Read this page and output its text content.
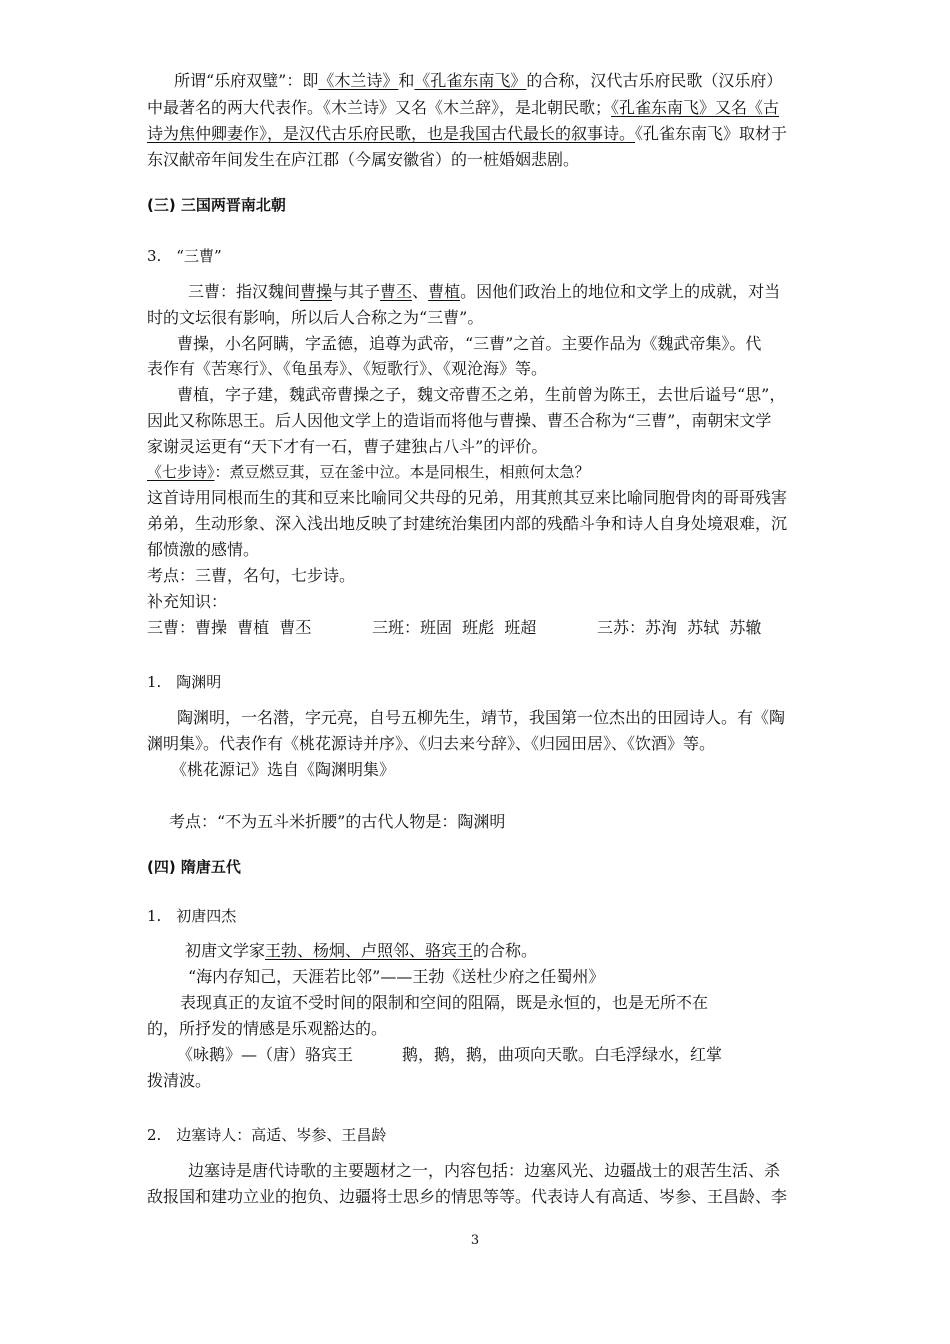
所谓“乐府双璧”：即《木兰诗》和《孔雀东南飞》的合称，汉代古乐府民歌（汉乐府）
中最著名的两大代表作。《木兰诗》又名《木兰辞》，是北朝民歌；《孔雀东南飞》又名《古
诗为焦仲卿妻作》，是汉代古乐府民歌，也是我国古代最长的叙事诗。《孔雀东南飞》取材于
东汉献帝年间发生在庐江郡（今属安徽省）的一桩婚姻悲剧。
(三) 三国两晋南北朝
3.　“三曹”
三曹：指汉魏间曹操与其子曹丕、曹植。因他们政治上的地位和文学上的成就，对当
时的文坛很有影响，所以后人合称之为“三曹”。
曹操，小名阿瞒，字孟德，追尊为武帝，“三曹”之首。主要作品为《魏武帝集》。代
表作有《苦寒行》、《龟虽寿》、《短歌行》、《观沧海》等。
曹植，字子建，魏武帝曹操之子，魏文帝曹丕之弟，生前曾为陈王，去世后谥号“思”，
因此又称陈思王。后人因他文学上的造诣而将他与曹操、曹丕合称为“三曹”，南朝宋文学
家谢灵运更有“天下才有一石，曹子建独占八斗”的评价。
《七步诗》：煮豆燃豆萁，豆在釜中泣。本是同根生，相煎何太急？
这首诗用同根而生的萁和豆来比喻同父共母的兄弟，用萁煎其豆来比喻同胞骨肉的哥哥残害
弟弟，生动形象、深入浅出地反映了封建统治集团内部的残酷斗争和诗人自身处境艰难，沉
郁愤激的感情。
考点：三曹，名句，七步诗。
补充知识：
三曹：曹操  曹植  曹丕	三班：班固  班彪  班超	三苏：苏洵  苏轼  苏辙
1.　陶渊明
陶渊明，一名潜，字元亮，自号五柳先生，靖节，我国第一位杰出的田园诗人。有《陶
渊明集》。代表作有《桃花源诗并序》、《归去来兮辞》、《归园田居》、《饮酒》等。
《桃花源记》选自《陶渊明集》
考点：“不为五斗米折腰”的古代人物是：陶渊明
(四) 隋唐五代
1.　初唐四杰
初唐文学家王勃、杨炯、卢照邻、骆宾王的合称。
“海内存知己，天涯若比邻”——王勃《送杜少府之任蜀州》
表现真正的友谊不受时间的限制和空间的阻隔，既是永恒的，也是无所不在
的，所抒发的情感是乐观豁达的。
《咏鹅》—（唐）骆宾王	鹅，鹅，鹅，曲项向天歌。白毛浮绿水，红掌
拨清波。
2.　边塞诗人：高适、岑参、王昌龄
边塞诗是唐代诗歌的主要题材之一，内容包括：边塞风光、边疆战士的艰苦生活、杀
敌报国和建功立业的抱负、边疆将士思乡的情思等等。代表诗人有高适、岑参、王昌龄、李
3
